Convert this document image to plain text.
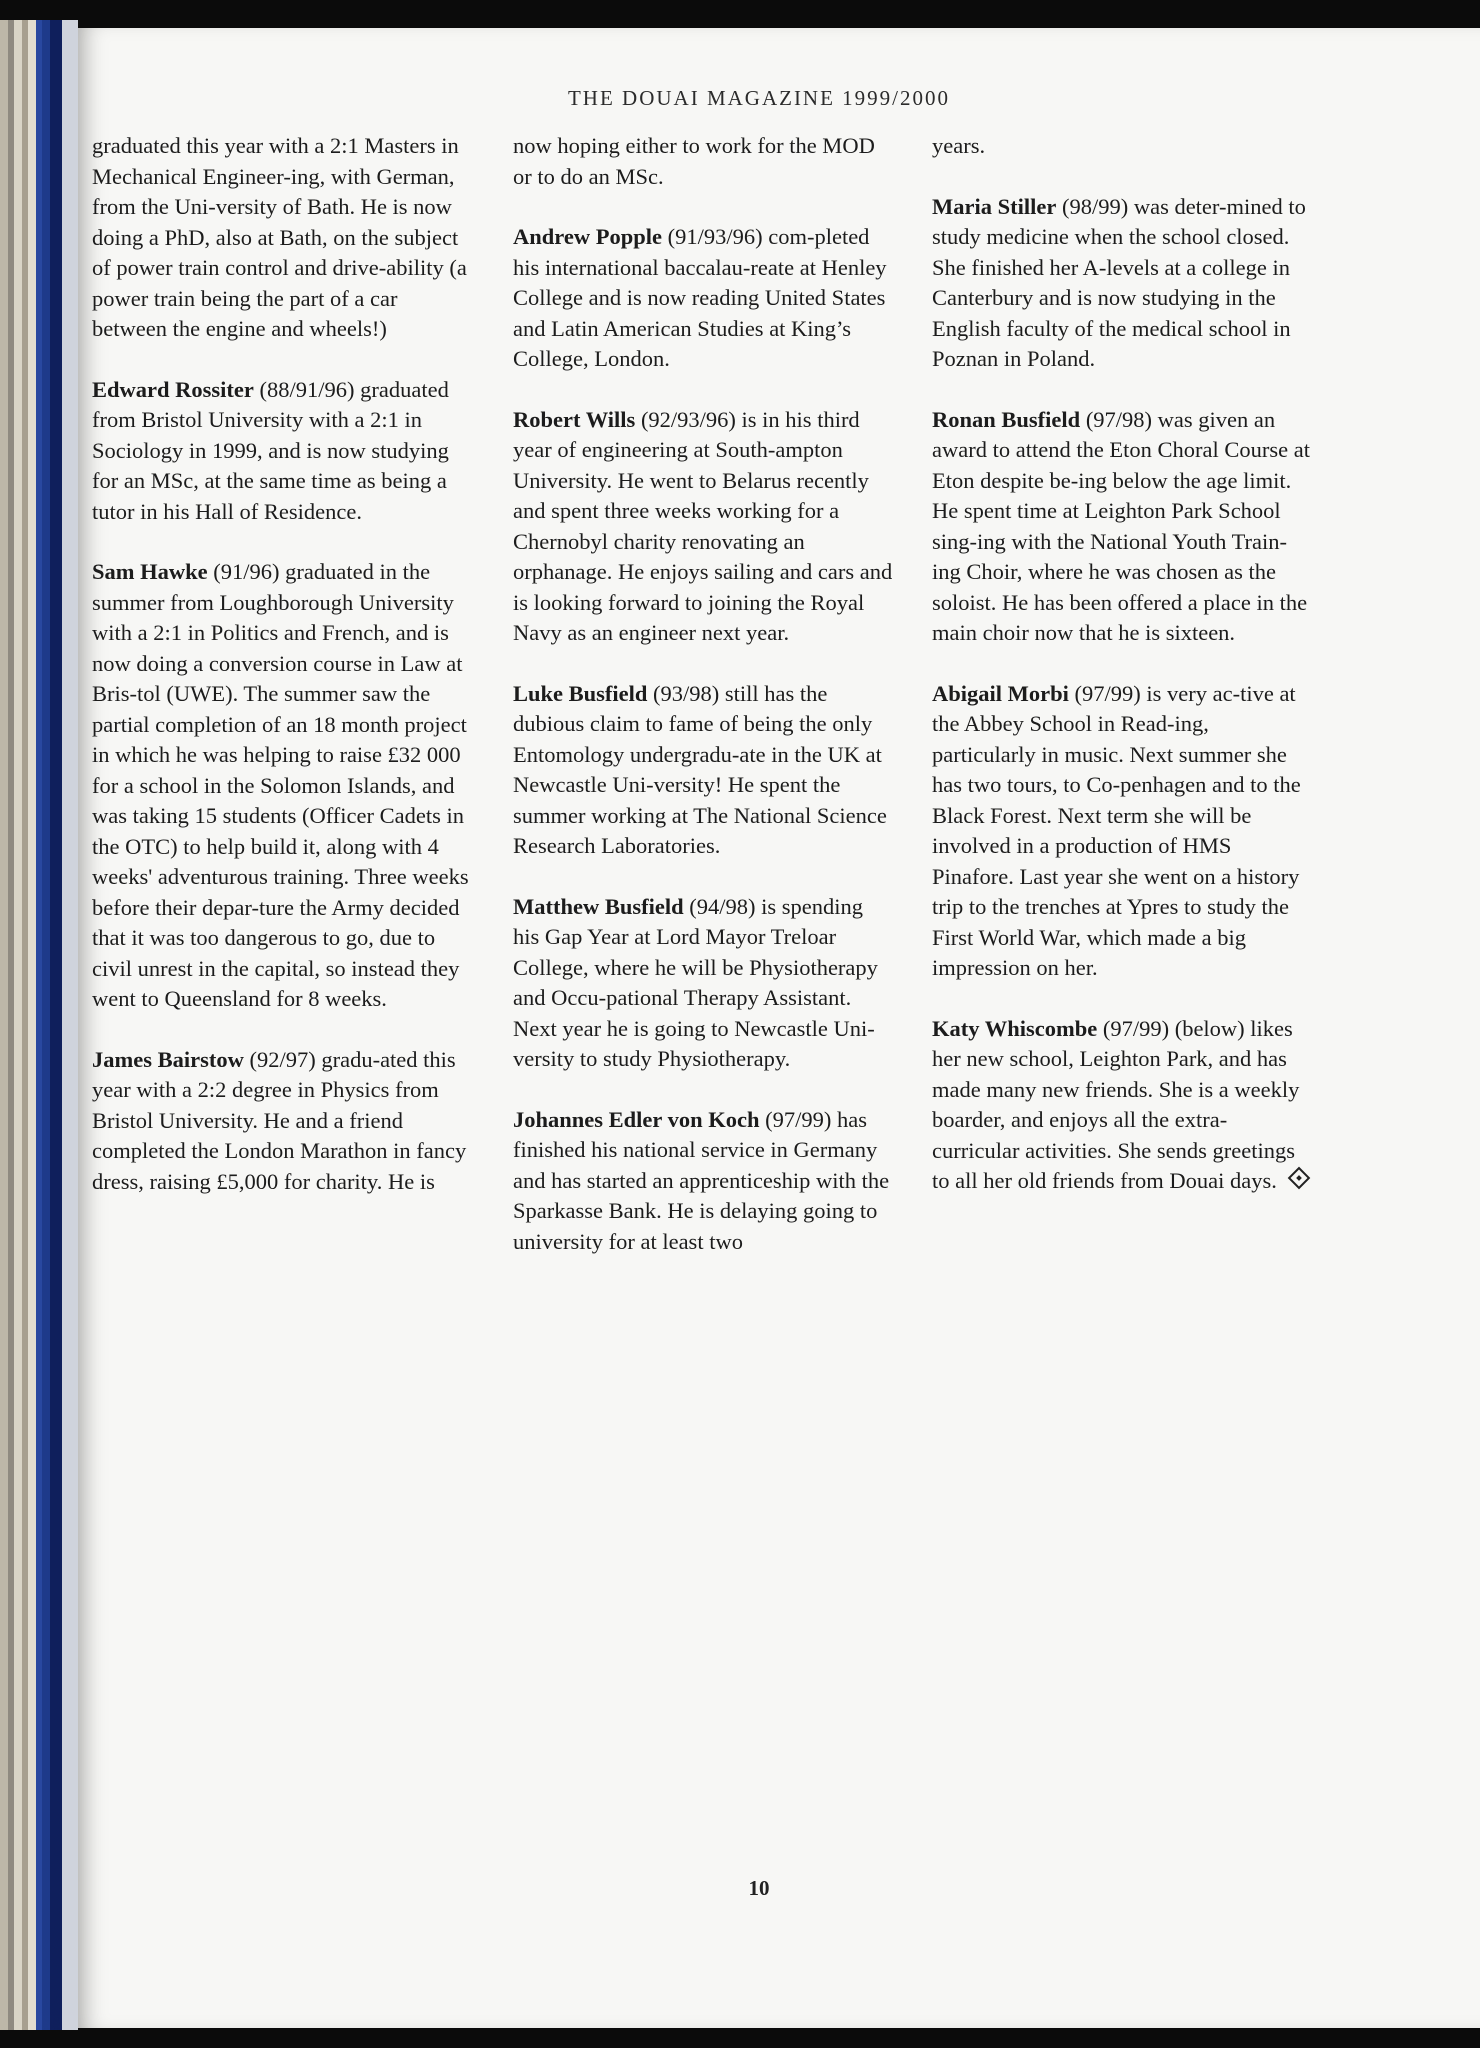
THE DOUAI MAGAZINE 1999/2000

graduated this year with a 2:1 Masters in Mechanical Engineer-ing, with German, from the Uni-versity of Bath. He is now doing a PhD, also at Bath, on the subject of power train control and drive-ability (a power train being the part of a car between the engine and wheels!)

Edward Rossiter (88/91/96) graduated from Bristol University with a 2:1 in Sociology in 1999, and is now studying for an MSc, at the same time as being a tutor in his Hall of Residence.

Sam Hawke (91/96) graduated in the summer from Loughborough University with a 2:1 in Politics and French, and is now doing a conversion course in Law at Bris-tol (UWE). The summer saw the partial completion of an 18 month project in which he was helping to raise £32 000 for a school in the Solomon Islands, and was taking 15 students (Officer Cadets in the OTC) to help build it, along with 4 weeks' adventurous training. Three weeks before their depar-ture the Army decided that it was too dangerous to go, due to civil unrest in the capital, so instead they went to Queensland for 8 weeks.

James Bairstow (92/97) gradu-ated this year with a 2:2 degree in Physics from Bristol University. He and a friend completed the London Marathon in fancy dress, raising £5,000 for charity. He is

now hoping either to work for the MOD or to do an MSc.

Andrew Popple (91/93/96) com-pleted his international baccalau-reate at Henley College and is now reading United States and Latin American Studies at King’s College, London.

Robert Wills (92/93/96) is in his third year of engineering at South-ampton University. He went to Belarus recently and spent three weeks working for a Chernobyl charity renovating an orphanage. He enjoys sailing and cars and is looking forward to joining the Royal Navy as an engineer next year.

Luke Busfield (93/98) still has the dubious claim to fame of being the only Entomology undergradu-ate in the UK at Newcastle Uni-versity! He spent the summer working at The National Science Research Laboratories.

Matthew Busfield (94/98) is spending his Gap Year at Lord Mayor Treloar College, where he will be Physiotherapy and Occu-pational Therapy Assistant. Next year he is going to Newcastle Uni-versity to study Physiotherapy.

Johannes Edler von Koch (97/99) has finished his national service in Germany and has started an apprenticeship with the Sparkasse Bank. He is delaying going to university for at least two

years.

Maria Stiller (98/99) was deter-mined to study medicine when the school closed. She finished her A-levels at a college in Canterbury and is now studying in the English faculty of the medical school in Poznan in Poland.

Ronan Busfield (97/98) was given an award to attend the Eton Choral Course at Eton despite be-ing below the age limit. He spent time at Leighton Park School sing-ing with the National Youth Train-ing Choir, where he was chosen as the soloist. He has been offered a place in the main choir now that he is sixteen.

Abigail Morbi (97/99) is very ac-tive at the Abbey School in Read-ing, particularly in music. Next summer she has two tours, to Co-penhagen and to the Black Forest. Next term she will be involved in a production of HMS Pinafore. Last year she went on a history trip to the trenches at Ypres to study the First World War, which made a big impression on her.

Katy Whiscombe (97/99) (below) likes her new school, Leighton Park, and has made many new friends. She is a weekly boarder, and enjoys all the extra-curricular activities. She sends greetings to all her old friends from Douai days.

10
